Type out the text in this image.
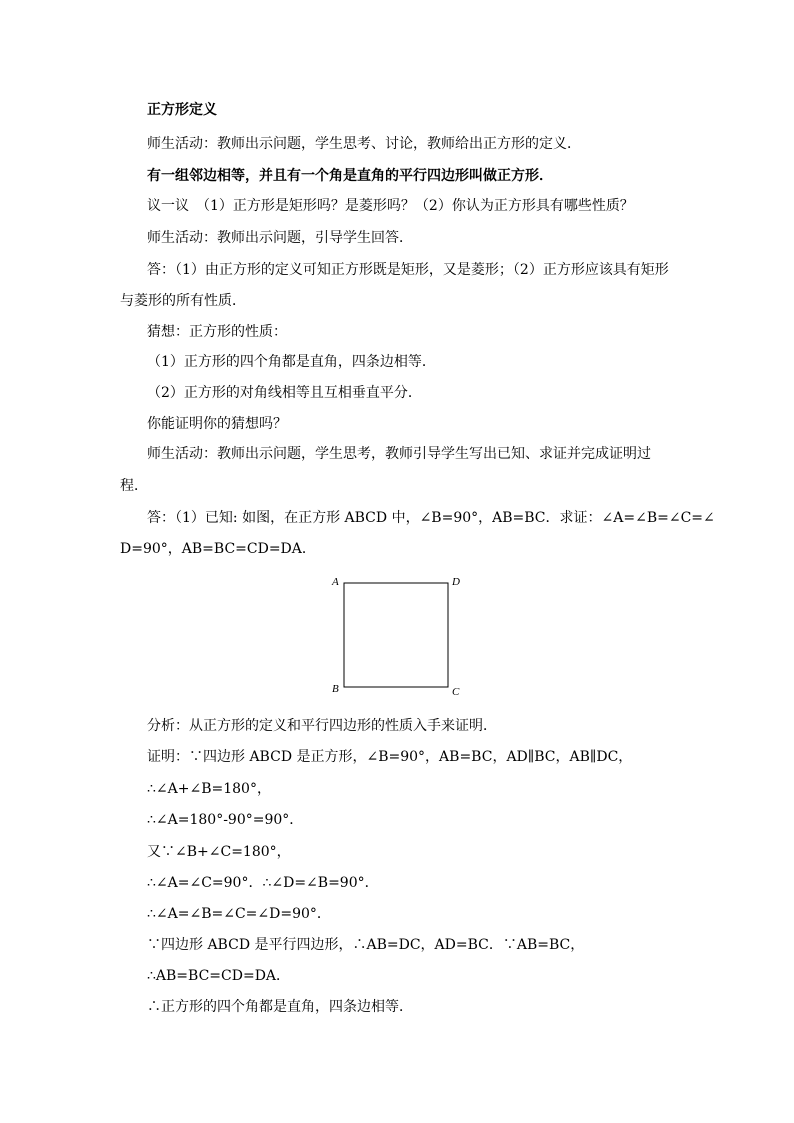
正方形定义
师生活动：教师出示问题，学生思考、讨论，教师给出正方形的定义．
有一组邻边相等，并且有一个角是直角的平行四边形叫做正方形．
议一议　（1）正方形是矩形吗？是菱形吗？（2）你认为正方形具有哪些性质？
师生活动：教师出示问题，引导学生回答．
答：（1）由正方形的定义可知正方形既是矩形，又是菱形；（2）正方形应该具有矩形
与菱形的所有性质．
猜想：正方形的性质：
（1）正方形的四个角都是直角，四条边相等．
（2）正方形的对角线相等且互相垂直平分．
你能证明你的猜想吗？
师生活动：教师出示问题，学生思考，教师引导学生写出已知、求证并完成证明过
程．
答：（1）已知: 如图，在正方形 ABCD 中，∠B=90°，AB=BC．求证：∠A=∠B=∠C=∠
D=90°，AB=BC=CD=DA．
A	D
B	C
分析：从正方形的定义和平行四边形的性质入手来证明．
证明：∵四边形 ABCD 是正方形，∠B=90°，AB=BC，AD∥BC，AB∥DC，
∴∠A+∠B=180°，
∴∠A=180°-90°=90°．
又∵∠B+∠C=180°，
∴∠A=∠C=90°．∴∠D=∠B=90°．
∴∠A=∠B=∠C=∠D=90°．
∵四边形 ABCD 是平行四边形，∴AB=DC，AD=BC．∵AB=BC，
∴AB=BC=CD=DA．
∴正方形的四个角都是直角，四条边相等．
